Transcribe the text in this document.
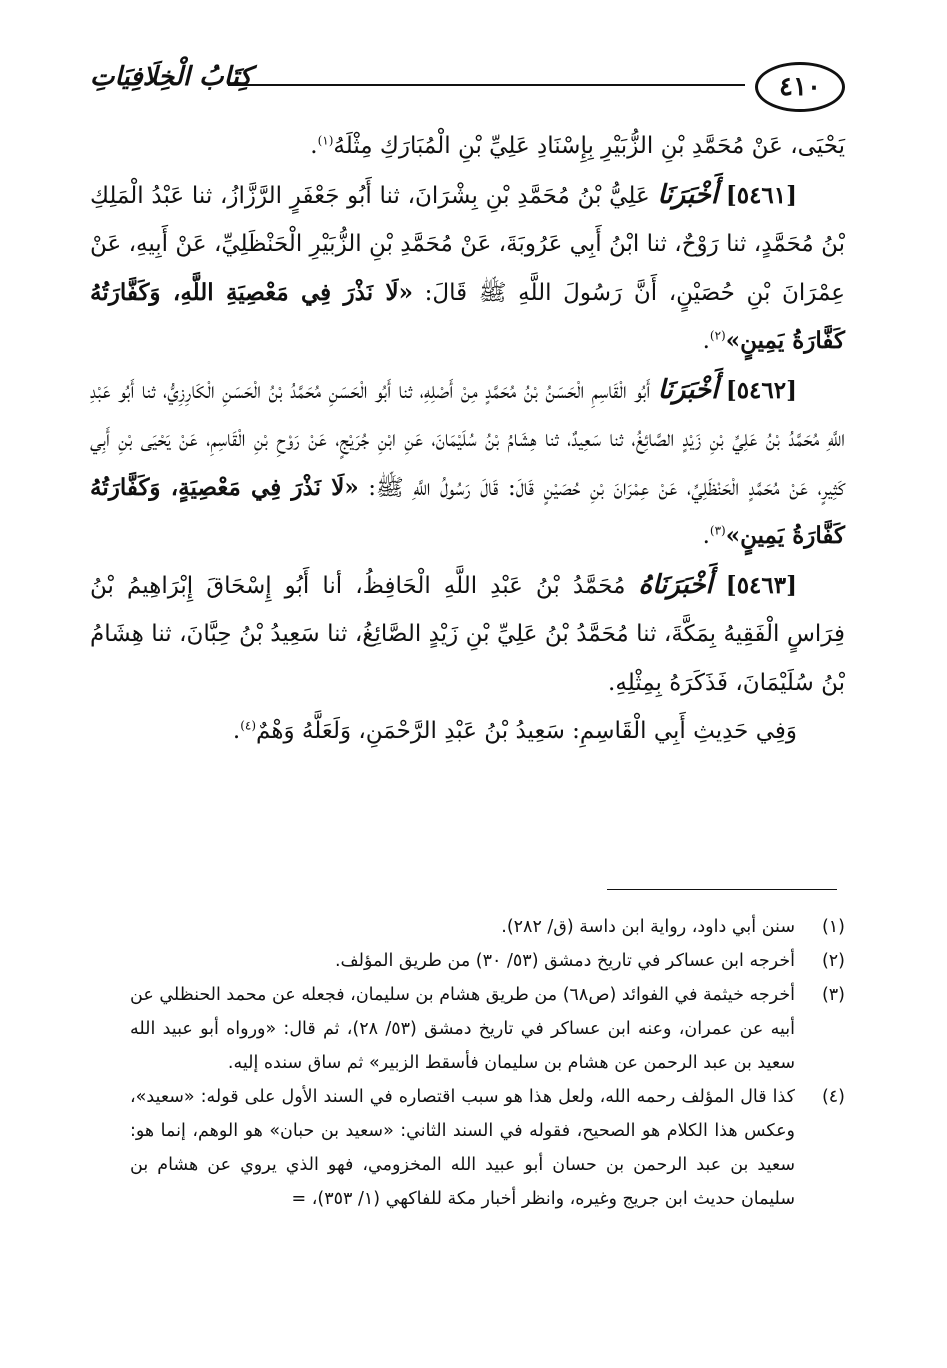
٤١٠
كِتَابُ الْخِلَافِيَاتِ

يَحْيَى، عَنْ مُحَمَّدِ بْنِ الزُّبَيْرِ بِإِسْنَادِ عَلِيِّ بْنِ الْمُبَارَكِ مِثْلَهُ$^{(١)}$.

[٥٤٦١] أَخْبَرَنَا عَلِيُّ بْنُ مُحَمَّدِ بْنِ بِشْرَانَ، ثنا أَبُو جَعْفَرٍ الرَّزَّازُ، ثنا عَبْدُ الْمَلِكِ بْنُ مُحَمَّدٍ، ثنا رَوْحٌ، ثنا ابْنُ أَبِي عَرُوبَةَ، عَنْ مُحَمَّدِ بْنِ الزُّبَيْرِ الْحَنْظَلِيِّ، عَنْ أَبِيهِ، عَنْ عِمْرَانَ بْنِ حُصَيْنٍ، أَنَّ رَسُولَ اللَّهِ ﷺ قَالَ: «لَا نَذْرَ فِي مَعْصِيَةِ اللَّهِ، وَكَفَّارَتُهُ كَفَّارَةُ يَمِينٍ»$^{(٢)}$.

[٥٤٦٢] أَخْبَرَنَا أَبُو الْقَاسِمِ الْحَسَنُ بْنُ مُحَمَّدٍ مِنْ أَصْلِهِ، ثنا أَبُو الْحَسَنِ مُحَمَّدُ بْنُ الْحَسَنِ الْكَارِزِيُّ، ثنا أَبُو عَبْدِ اللَّهِ مُحَمَّدُ بْنُ عَلِيِّ بْنِ زَيْدٍ الصَّائِغُ، ثنا سَعِيدٌ، ثنا هِشَامُ بْنُ سُلَيْمَانَ، عَنِ ابْنِ جُرَيْجٍ، عَنْ رَوْحِ بْنِ الْقَاسِمِ، عَنْ يَحْيَى بْنِ أَبِي كَثِيرٍ، عَنْ مُحَمَّدٍ الْحَنْظَلِيِّ، عَنْ عِمْرَانَ بْنِ حُصَيْنٍ قَالَ: قَالَ رَسُولُ اللَّهِ ﷺ: «لَا نَذْرَ فِي مَعْصِيَةٍ، وَكَفَّارَتُهُ كَفَّارَةُ يَمِينٍ»$^{(٣)}$.

[٥٤٦٣] أَخْبَرَنَاهُ مُحَمَّدُ بْنُ عَبْدِ اللَّهِ الْحَافِظُ، أنا أَبُو إِسْحَاقَ إِبْرَاهِيمُ بْنُ فِرَاسٍ الْفَقِيهُ بِمَكَّةَ، ثنا مُحَمَّدُ بْنُ عَلِيِّ بْنِ زَيْدٍ الصَّائِغُ، ثنا سَعِيدُ بْنُ حِبَّانَ، ثنا هِشَامُ بْنُ سُلَيْمَانَ، فَذَكَرَهُ بِمِثْلِهِ.

وَفِي حَدِيثِ أَبِي الْقَاسِمِ: سَعِيدُ بْنُ عَبْدِ الرَّحْمَنِ، وَلَعَلَّهُ وَهْمٌ$^{(٤)}$.

(١)
سنن أبي داود، رواية ابن داسة (ق/ ٢٨٢).
(٢)
أخرجه ابن عساكر في تاريخ دمشق (٥٣/ ٣٠) من طريق المؤلف.
(٣)
أخرجه خيثمة في الفوائد (ص٦٨) من طريق هشام بن سليمان، فجعله عن محمد الحنظلي عن أبيه عن عمران، وعنه ابن عساكر في تاريخ دمشق (٥٣/ ٢٨)، ثم قال: «ورواه أبو عبيد الله سعيد بن عبد الرحمن عن هشام بن سليمان فأسقط الزبير» ثم ساق سنده إليه.
(٤)
كذا قال المؤلف رحمه الله، ولعل هذا هو سبب اقتصاره في السند الأول على قوله: «سعيد»، وعكس هذا الكلام هو الصحيح، فقوله في السند الثاني: «سعيد بن حبان» هو الوهم، إنما هو: سعيد بن عبد الرحمن بن حسان أبو عبيد الله المخزومي، فهو الذي يروي عن هشام بن سليمان حديث ابن جريج وغيره، وانظر أخبار مكة للفاكهي (١/ ٣٥٣)، =
